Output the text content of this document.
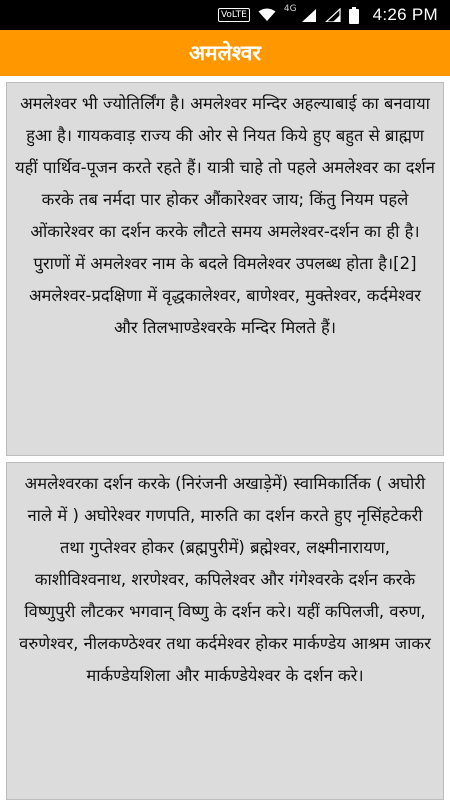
VoLTE
4G	4:26 PM
अमलेश्वर
अमलेश्वर भी ज्योतिर्लिंग है। अमलेश्वर मन्दिर अहल्याबाई का बनवाया हुआ है। गायकवाड़ राज्य की ओर से नियत किये हुए बहुत से ब्राह्मण यहीं पार्थिव-पूजन करते रहते हैं। यात्री चाहे तो पहले अमलेश्वर का दर्शन करके तब नर्मदा पार होकर औंकारेश्वर जाय; किंतु नियम पहले ओंकारेश्वर का दर्शन करके लौटते समय अमलेश्वर-दर्शन का ही है। पुराणों में अमलेश्वर नाम के बदले विमलेश्वर उपलब्ध होता है।[2] अमलेश्वर-प्रदक्षिणा में वृद्धकालेश्वर, बाणेश्वर, मुक्तेश्वर, कर्दमेश्वर और तिलभाण्डेश्वरके मन्दिर मिलते हैं।
अमलेश्वरका दर्शन करके (निरंजनी अखाड़ेमें) स्वामिकार्तिक ( अघोरी नाले में ) अघोरेश्वर गणपति, मारुति का दर्शन करते हुए नृसिंहटेकरी तथा गुप्तेश्वर होकर (ब्रह्मपुरीमें) ब्रह्मेश्वर, लक्ष्मीनारायण, काशीविश्वनाथ, शरणेश्वर, कपिलेश्वर और गंगेश्वरके दर्शन करके विष्णुपुरी लौटकर भगवान् विष्णु के दर्शन करे। यहीं कपिलजी, वरुण, वरुणेश्वर, नीलकण्ठेश्वर तथा कर्दमेश्वर होकर मार्कण्डेय आश्रम जाकर मार्कण्डेयशिला और मार्कण्डेयेश्वर के दर्शन करे।
